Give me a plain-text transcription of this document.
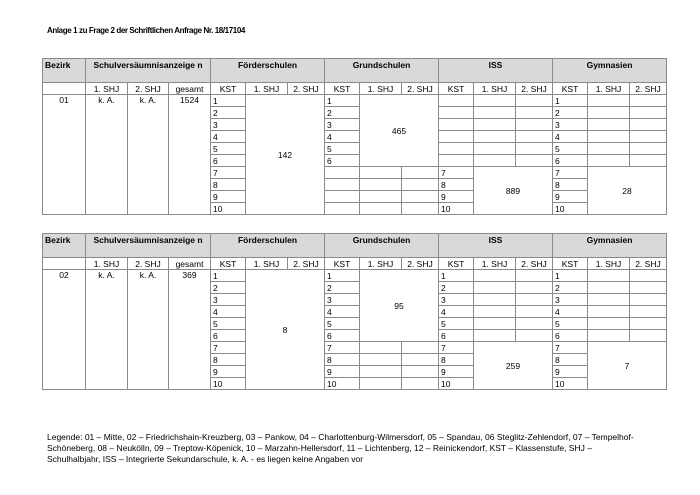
Anlage 1 zu Frage 2 der Schriftlichen Anfrage Nr. 18/17104
Bezirk	Schulversäumnisanzeige n			Förderschulen			Grundschulen			ISS			Gymnasien		
	1. SHJ	2. SHJ	gesamt	KST	1. SHJ	2. SHJ	KST	1. SHJ	2. SHJ	KST	1. SHJ	2. SHJ	KST	1. SHJ	2. SHJ
01	k. A.	k. A.	1524	1	142		1	465					1		
				2			2						2		
				3			3						3		
				4			4						4		
				5			5						5		
				6			6						6		
				7						7	889		7	28	
				8						8			8		
				9						9			9		
				10						10			10		
Bezirk	Schulversäumnisanzeige n			Förderschulen			Grundschulen			ISS			Gymnasien		
	1. SHJ	2. SHJ	gesamt	KST	1. SHJ	2. SHJ	KST	1. SHJ	2. SHJ	KST	1. SHJ	2. SHJ	KST	1. SHJ	2. SHJ
02	k. A.	k. A.	369	1	8		1	95		1			1		
				2			2			2			2		
				3			3			3			3		
				4			4			4			4		
				5			5			5			5		
				6			6			6			6		
				7			7			7	259		7	7	
				8			8			8			8		
				9			9			9			9		
				10			10			10			10		
Legende: 01 – Mitte, 02 – Friedrichshain-Kreuzberg, 03 – Pankow, 04 – Charlottenburg-Wilmersdorf, 05 – Spandau, 06 Steglitz-Zehlendorf, 07 – Tempelhof-Schöneberg, 08 – Neukölln, 09 – Treptow-Köpenick, 10 – Marzahn-Hellersdorf, 11 – Lichtenberg, 12 – Reinickendorf, KST – Klassenstufe, SHJ – Schulhalbjahr, ISS – Integrierte Sekundarschule, k. A. - es liegen keine Angaben vor
